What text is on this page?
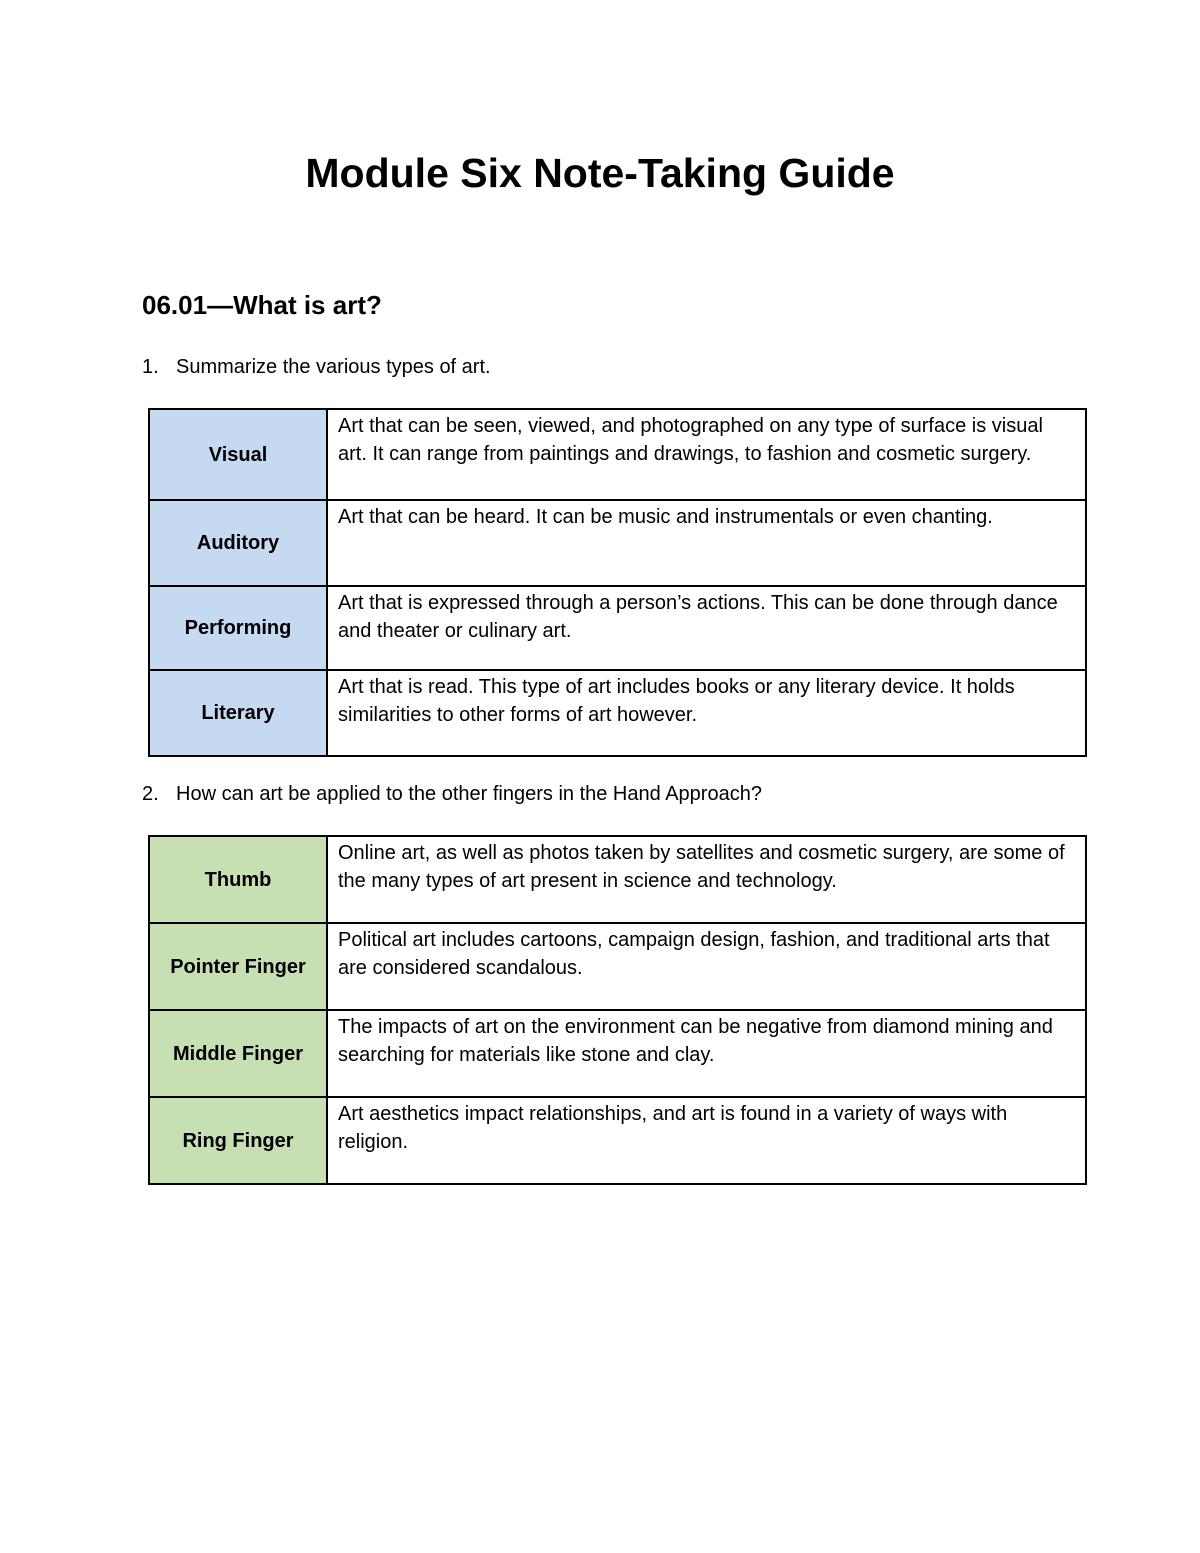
Module Six Note-Taking Guide
06.01—What is art?

1. Summarize the various types of art.

Visual	Art that can be seen, viewed, and photographed on any type of surface is visual art. It can range from paintings and drawings, to fashion and cosmetic surgery.
Auditory	Art that can be heard. It can be music and instrumentals or even chanting.
Performing	Art that is expressed through a person’s actions. This can be done through dance and theater or culinary art.
Literary	Art that is read. This type of art includes books or any literary device. It holds similarities to other forms of art however.

2. How can art be applied to the other fingers in the Hand Approach?

Thumb	Online art, as well as photos taken by satellites and cosmetic surgery, are some of the many types of art present in science and technology.
Pointer Finger	Political art includes cartoons, campaign design, fashion, and traditional arts that are considered scandalous.
Middle Finger	The impacts of art on the environment can be negative from diamond mining and searching for materials like stone and clay.
Ring Finger	Art aesthetics impact relationships, and art is found in a variety of ways with religion.
